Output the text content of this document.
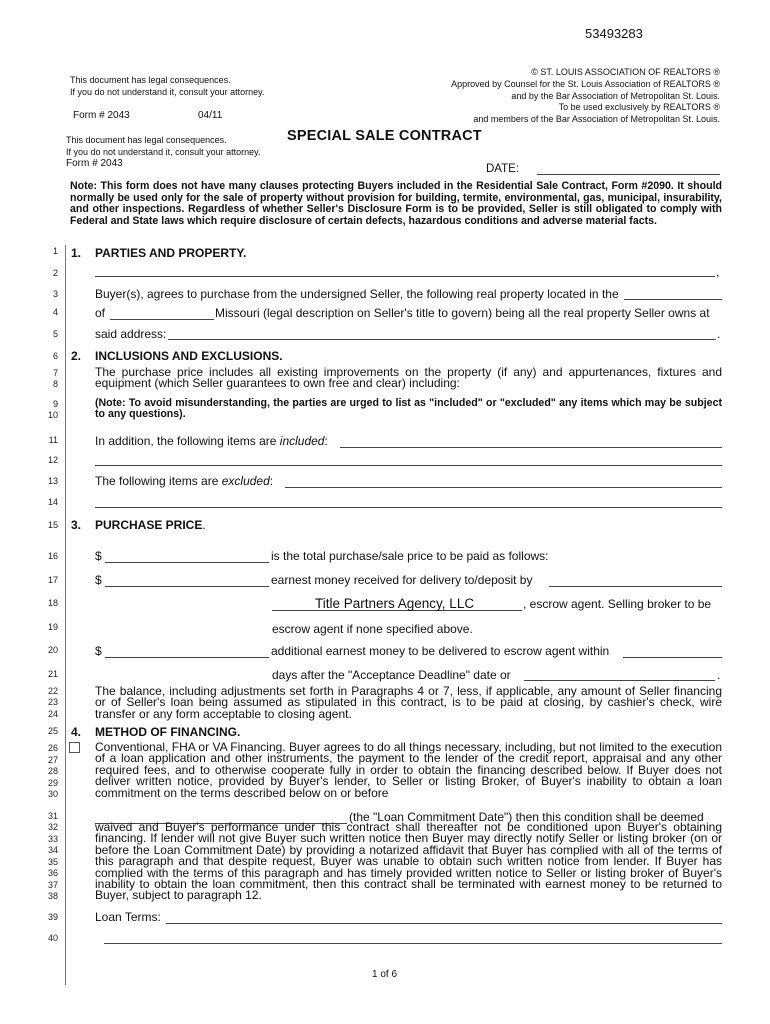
53493283
This document has legal consequences.
If you do not understand it, consult your attorney.
Form # 2043	04/11
© ST. LOUIS ASSOCIATION OF REALTORS ®
Approved by Counsel for the St. Louis Association of REALTORS ®
and by the Bar Association of Metropolitan St. Louis.
To be used exclusively by REALTORS ®
and members of the Bar Association of Metropolitan St. Louis.
This document has legal consequences.
If you do not understand it, consult your attorney.
Form # 2043
SPECIAL SALE CONTRACT
DATE:
Note: This form does not have many clauses protecting Buyers included in the Residential Sale Contract, Form #2090. It should normally be used only for the sale of property without provision for building, termite, environmental, gas, municipal, insurability, and other inspections. Regardless of whether Seller's Disclosure Form is to be provided, Seller is still obligated to comply with Federal and State laws which require disclosure of certain defects, hazardous conditions and adverse material facts.
1
2
3
4
5
6
7
8
9
10
11
12
13
14
15
16
17
18
19
20
21
22
23
24
25
26
27
28
29
30
31
32
33
34
35
36
37
38
39
40
1. PARTIES AND PROPERTY.
,
Buyer(s), agrees to purchase from the undersigned Seller, the following real property located in the
of	Missouri (legal description on Seller's title to govern) being all the real property Seller owns at
said address:	.
2. INCLUSIONS AND EXCLUSIONS.
The purchase price includes all existing improvements on the property (if any) and appurtenances, fixtures and equipment (which Seller guarantees to own free and clear) including:
(Note: To avoid misunderstanding, the parties are urged to list as "included" or "excluded" any items which may be subject to any questions).
In addition, the following items are included:
The following items are excluded:
3. PURCHASE PRICE.
$	is the total purchase/sale price to be paid as follows:
$	earnest money received for delivery to/deposit by
Title Partners Agency, LLC	, escrow agent. Selling broker to be
escrow agent if none specified above.
$	additional earnest money to be delivered to escrow agent within
days after the "Acceptance Deadline" date or	.
The balance, including adjustments set forth in Paragraphs 4 or 7, less, if applicable, any amount of Seller financing or of Seller's loan being assumed as stipulated in this contract, is to be paid at closing, by cashier's check, wire transfer or any form acceptable to closing agent.
4. METHOD OF FINANCING.
Conventional, FHA or VA Financing. Buyer agrees to do all things necessary, including, but not limited to the execution of a loan application and other instruments, the payment to the lender of the credit report, appraisal and any other required fees, and to otherwise cooperate fully in order to obtain the financing described below. If Buyer does not deliver written notice, provided by Buyer's lender, to Seller or listing Broker, of Buyer's inability to obtain a loan commitment on the terms described below on or before
(the "Loan Commitment Date") then this condition shall be deemed
waived and Buyer's performance under this contract shall thereafter not be conditioned upon Buyer's obtaining financing. If lender will not give Buyer such written notice then Buyer may directly notify Seller or listing broker (on or before the Loan Commitment Date) by providing a notarized affidavit that Buyer has complied with all of the terms of this paragraph and that despite request, Buyer was unable to obtain such written notice from lender. If Buyer has complied with the terms of this paragraph and has timely provided written notice to Seller or listing broker of Buyer's inability to obtain the loan commitment, then this contract shall be terminated with earnest money to be returned to Buyer, subject to paragraph 12.
Loan Terms:
1 of 6
